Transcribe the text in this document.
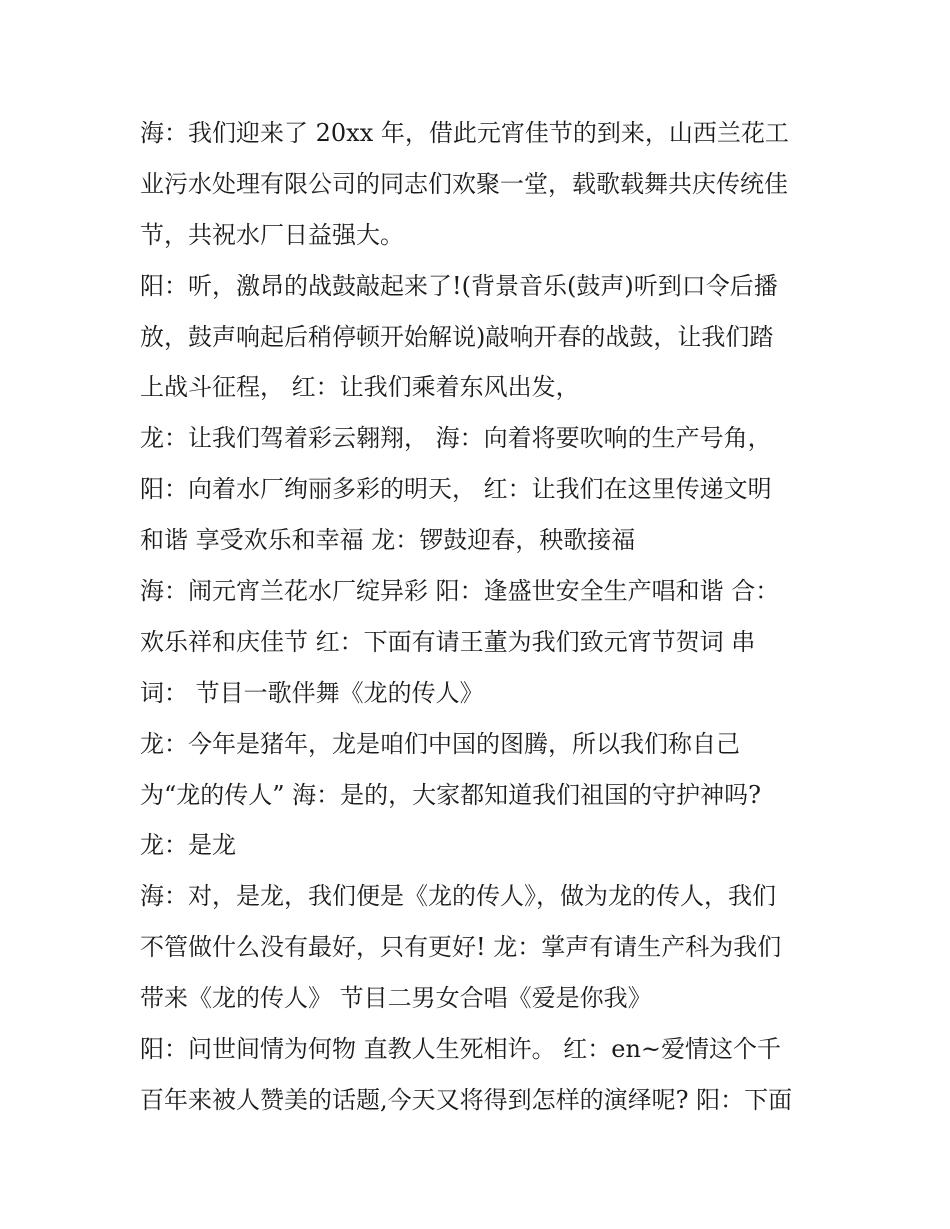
海：我们迎来了 20xx 年，借此元宵佳节的到来，山西兰花工
业污水处理有限公司的同志们欢聚一堂，载歌载舞共庆传统佳
节，共祝水厂日益强大。
阳：听，激昂的战鼓敲起来了!(背景音乐(鼓声)听到口令后播
放，鼓声响起后稍停顿开始解说)敲响开春的战鼓，让我们踏
上战斗征程， 红：让我们乘着东风出发，
龙：让我们驾着彩云翱翔， 海：向着将要吹响的生产号角，
阳：向着水厂绚丽多彩的明天， 红：让我们在这里传递文明
和谐 享受欢乐和幸福 龙：锣鼓迎春，秧歌接福
海：闹元宵兰花水厂绽异彩 阳：逢盛世安全生产唱和谐 合：
欢乐祥和庆佳节 红：下面有请王董为我们致元宵节贺词 串
词： 节目一歌伴舞《龙的传人》
龙：今年是猪年，龙是咱们中国的图腾，所以我们称自己
为“龙的传人” 海：是的，大家都知道我们祖国的守护神吗?
龙：是龙
海：对，是龙，我们便是《龙的传人》，做为龙的传人，我们
不管做什么没有最好，只有更好! 龙：掌声有请生产科为我们
带来《龙的传人》 节目二男女合唱《爱是你我》
阳：问世间情为何物 直教人生死相许。 红：en~爱情这个千
百年来被人赞美的话题,今天又将得到怎样的演绎呢? 阳：下面
